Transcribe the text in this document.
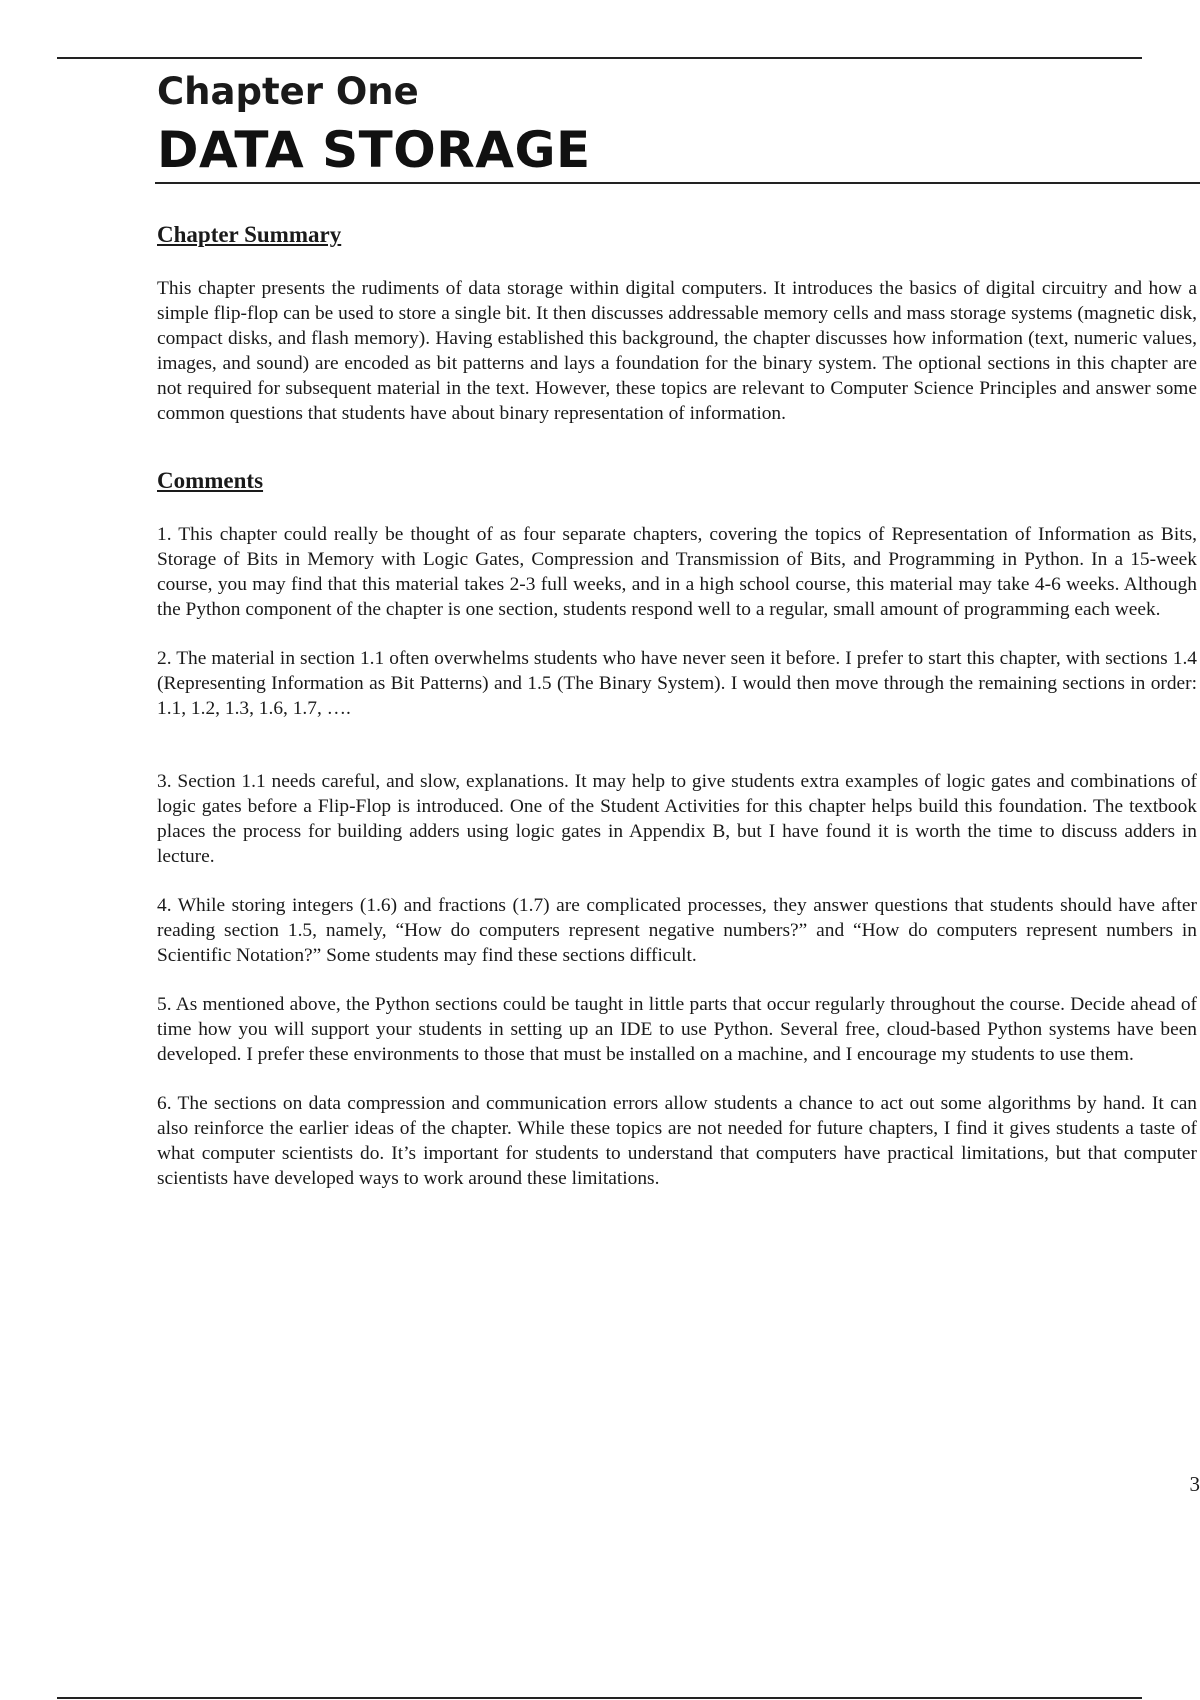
Chapter One
DATA STORAGE
Chapter Summary

This chapter presents the rudiments of data storage within digital computers. It introduces the basics of digital circuitry and how a simple flip-flop can be used to store a single bit. It then discusses addressable memory cells and mass storage systems (magnetic disk, compact disks, and flash memory). Having established this background, the chapter discusses how information (text, numeric values, images, and sound) are encoded as bit patterns and lays a foundation for the binary system. The optional sections in this chapter are not required for subsequent material in the text. However, these topics are relevant to Computer Science Principles and answer some common questions that students have about binary representation of information.

Comments

1. This chapter could really be thought of as four separate chapters, covering the topics of Representation of Information as Bits, Storage of Bits in Memory with Logic Gates, Compression and Transmission of Bits, and Programming in Python. In a 15-week course, you may find that this material takes 2-3 full weeks, and in a high school course, this material may take 4-6 weeks. Although the Python component of the chapter is one section, students respond well to a regular, small amount of programming each week.

2. The material in section 1.1 often overwhelms students who have never seen it before. I prefer to start this chapter, with sections 1.4 (Representing Information as Bit Patterns) and 1.5 (The Binary System). I would then move through the remaining sections in order: 1.1, 1.2, 1.3, 1.6, 1.7, ….

3. Section 1.1 needs careful, and slow, explanations. It may help to give students extra examples of logic gates and combinations of logic gates before a Flip-Flop is introduced. One of the Student Activities for this chapter helps build this foundation. The textbook places the process for building adders using logic gates in Appendix B, but I have found it is worth the time to discuss adders in lecture.

4. While storing integers (1.6) and fractions (1.7) are complicated processes, they answer questions that students should have after reading section 1.5, namely, “How do computers represent negative numbers?” and “How do computers represent numbers in Scientific Notation?” Some students may find these sections difficult.

5. As mentioned above, the Python sections could be taught in little parts that occur regularly throughout the course. Decide ahead of time how you will support your students in setting up an IDE to use Python. Several free, cloud-based Python systems have been developed. I prefer these environments to those that must be installed on a machine, and I encourage my students to use them.

6. The sections on data compression and communication errors allow students a chance to act out some algorithms by hand. It can also reinforce the earlier ideas of the chapter. While these topics are not needed for future chapters, I find it gives students a taste of what computer scientists do. It’s important for students to understand that computers have practical limitations, but that computer scientists have developed ways to work around these limitations.

3
